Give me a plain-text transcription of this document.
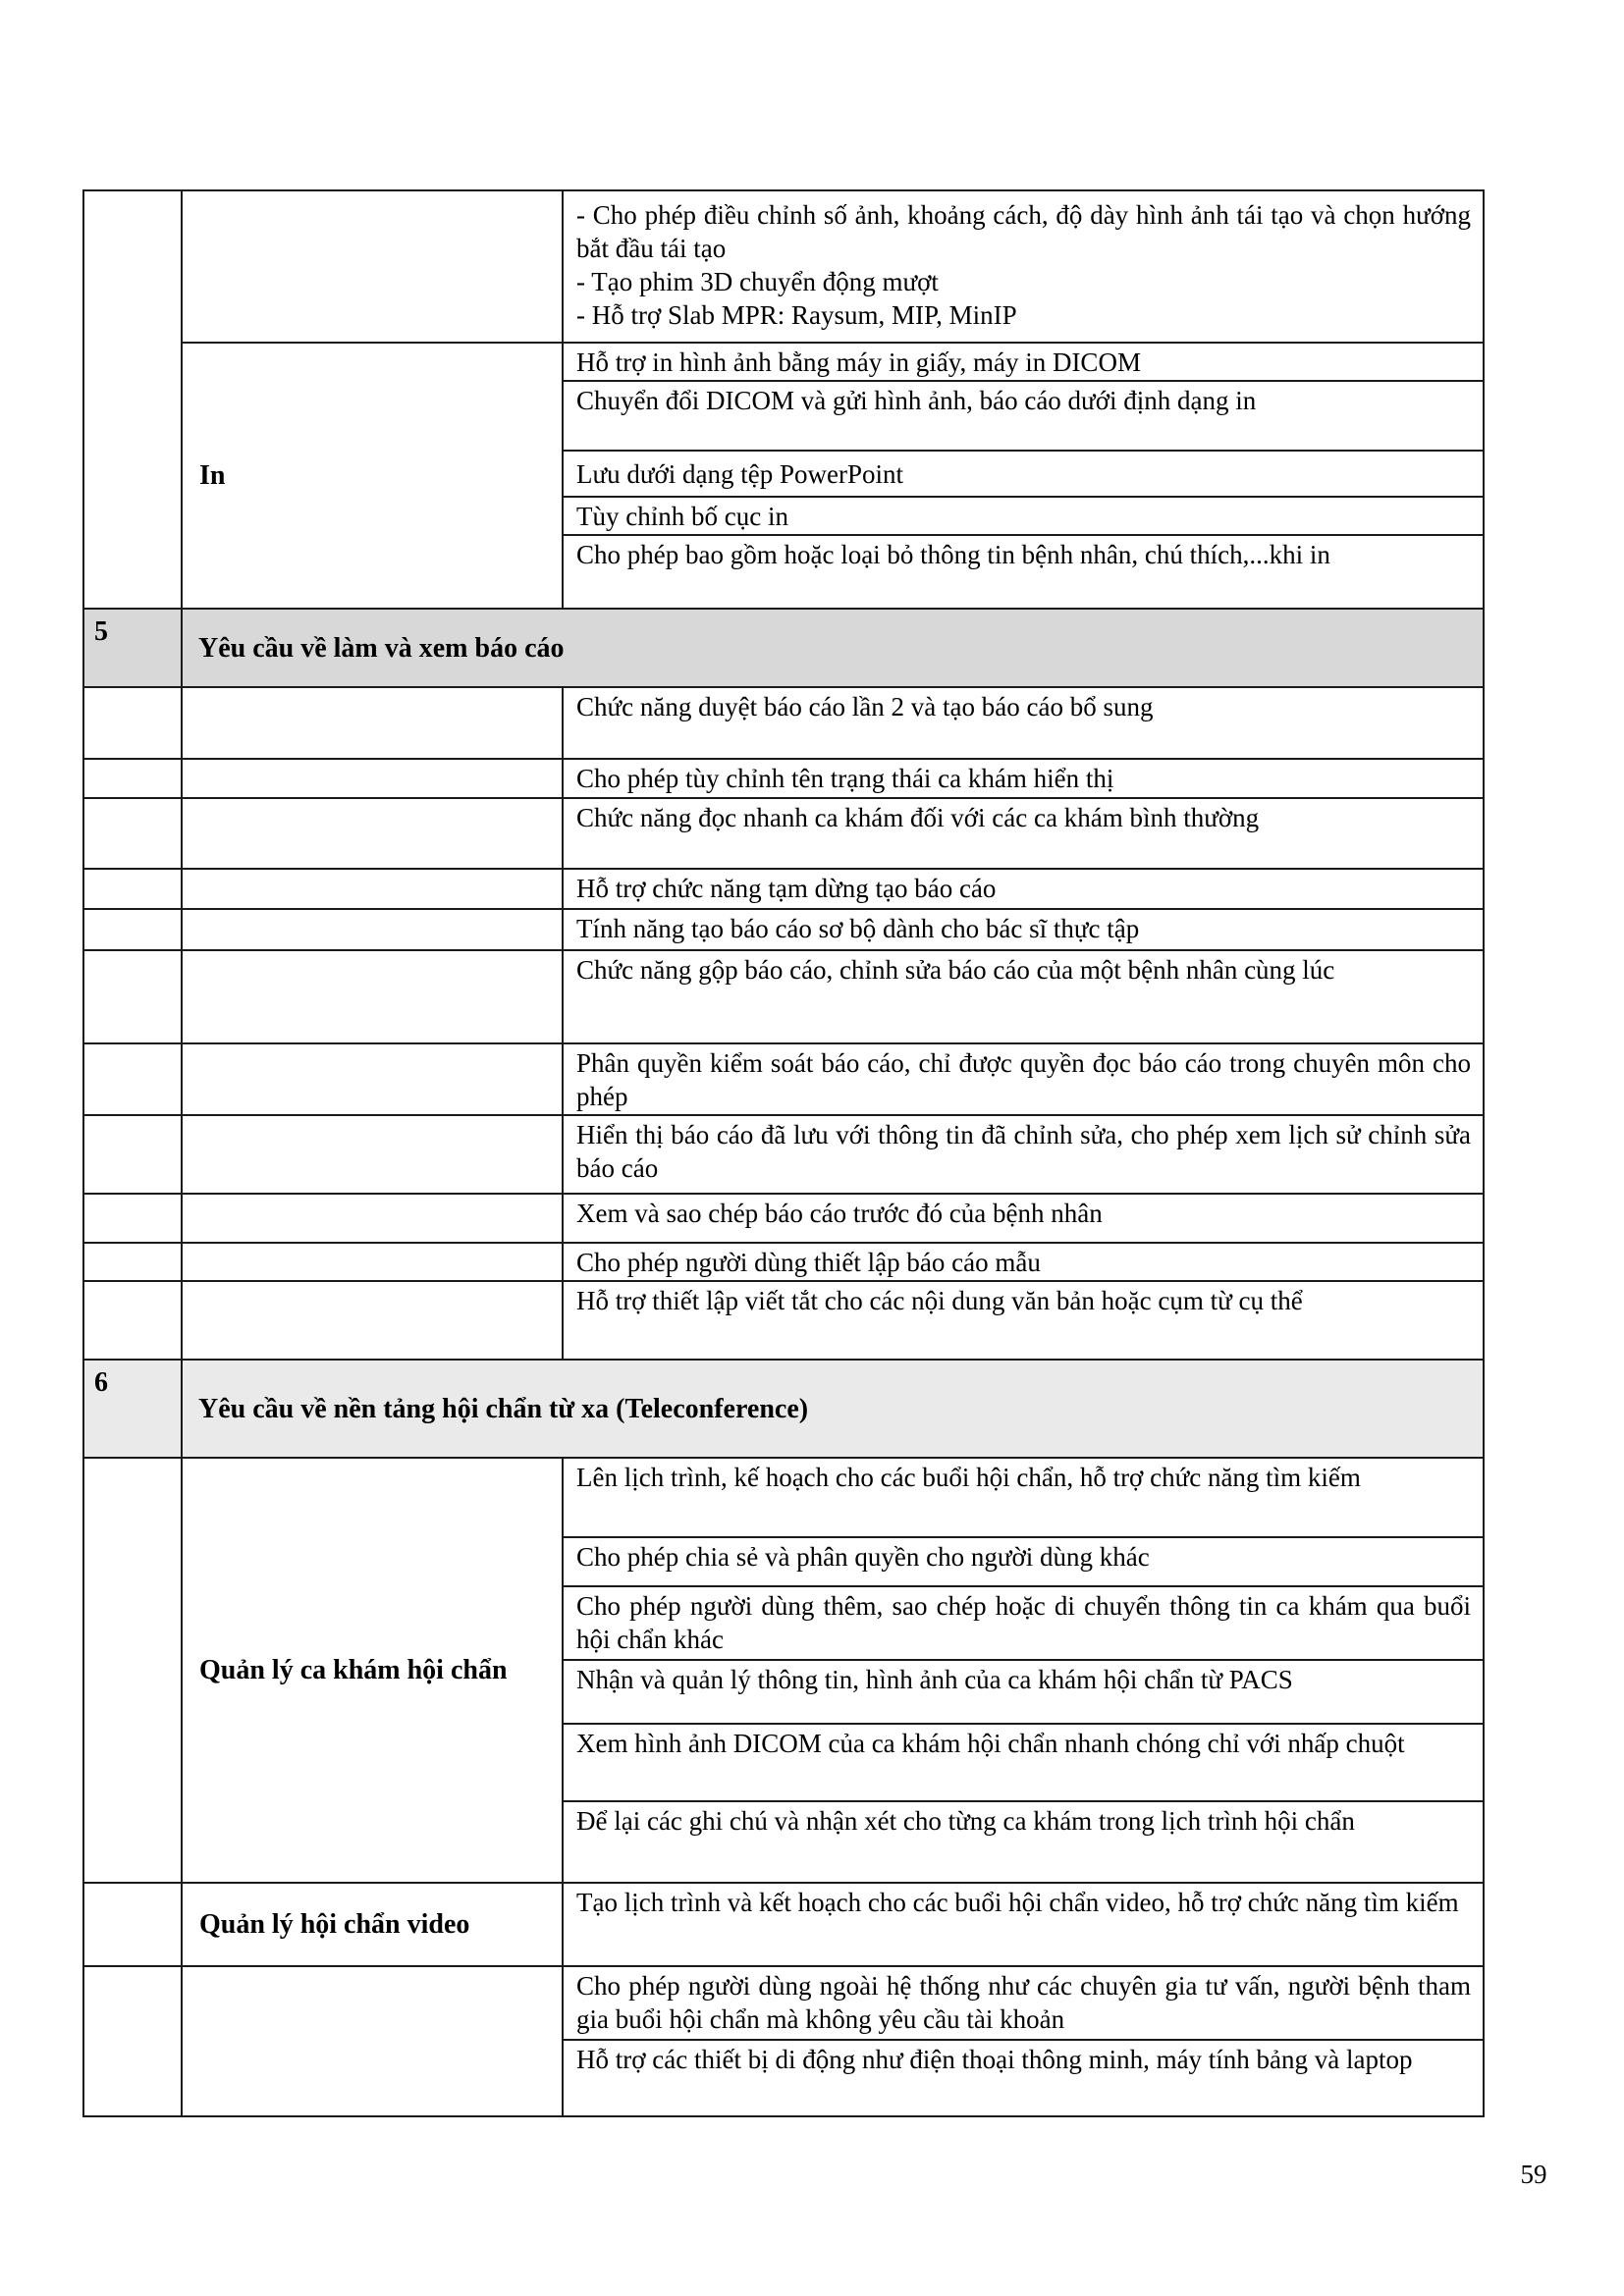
		- Cho phép điều chỉnh số ảnh, khoảng cách, độ dày hình ảnh tái tạo và chọn hướng bắt đầu tái tạo
- Tạo phim 3D chuyển động mượt
- Hỗ trợ Slab MPR: Raysum, MIP, MinIP

	In	Hỗ trợ in hình ảnh bằng máy in giấy, máy in DICOM
		Chuyển đổi DICOM và gửi hình ảnh, báo cáo dưới định dạng in
		Lưu dưới dạng tệp PowerPoint
		Tùy chỉnh bố cục in
		Cho phép bao gồm hoặc loại bỏ thông tin bệnh nhân, chú thích,...khi in
5	Yêu cầu về làm và xem báo cáo	
		Chức năng duyệt báo cáo lần 2 và tạo báo cáo bổ sung
		Cho phép tùy chỉnh tên trạng thái ca khám hiển thị
		Chức năng đọc nhanh ca khám đối với các ca khám bình thường
		Hỗ trợ chức năng tạm dừng tạo báo cáo
		Tính năng tạo báo cáo sơ bộ dành cho bác sĩ thực tập
		Chức năng gộp báo cáo, chỉnh sửa báo cáo của một bệnh nhân cùng lúc
		Phân quyền kiểm soát báo cáo, chỉ được quyền đọc báo cáo trong chuyên môn cho phép
		Hiển thị báo cáo đã lưu với thông tin đã chỉnh sửa, cho phép xem lịch sử chỉnh sửa báo cáo
		Xem và sao chép báo cáo trước đó của bệnh nhân
		Cho phép người dùng thiết lập báo cáo mẫu
		Hỗ trợ thiết lập viết tắt cho các nội dung văn bản hoặc cụm từ cụ thể
6	Yêu cầu về nền tảng hội chẩn từ xa (Teleconference)	
	Quản lý ca khám hội chẩn	Lên lịch trình, kế hoạch cho các buổi hội chẩn, hỗ trợ chức năng tìm kiếm
		Cho phép chia sẻ và phân quyền cho người dùng khác
		Cho phép người dùng thêm, sao chép hoặc di chuyển thông tin ca khám qua buổi hội chẩn khác
		Nhận và quản lý thông tin, hình ảnh của ca khám hội chẩn từ PACS
		Xem hình ảnh DICOM của ca khám hội chẩn nhanh chóng chỉ với nhấp chuột
		Để lại các ghi chú và nhận xét cho từng ca khám trong lịch trình hội chẩn
	Quản lý hội chẩn video	Tạo lịch trình và kết hoạch cho các buổi hội chẩn video, hỗ trợ chức năng tìm kiếm
		Cho phép người dùng ngoài hệ thống như các chuyên gia tư vấn, người bệnh tham gia buổi hội chẩn mà không yêu cầu tài khoản
		Hỗ trợ các thiết bị di động như điện thoại thông minh, máy tính bảng và laptop
59
